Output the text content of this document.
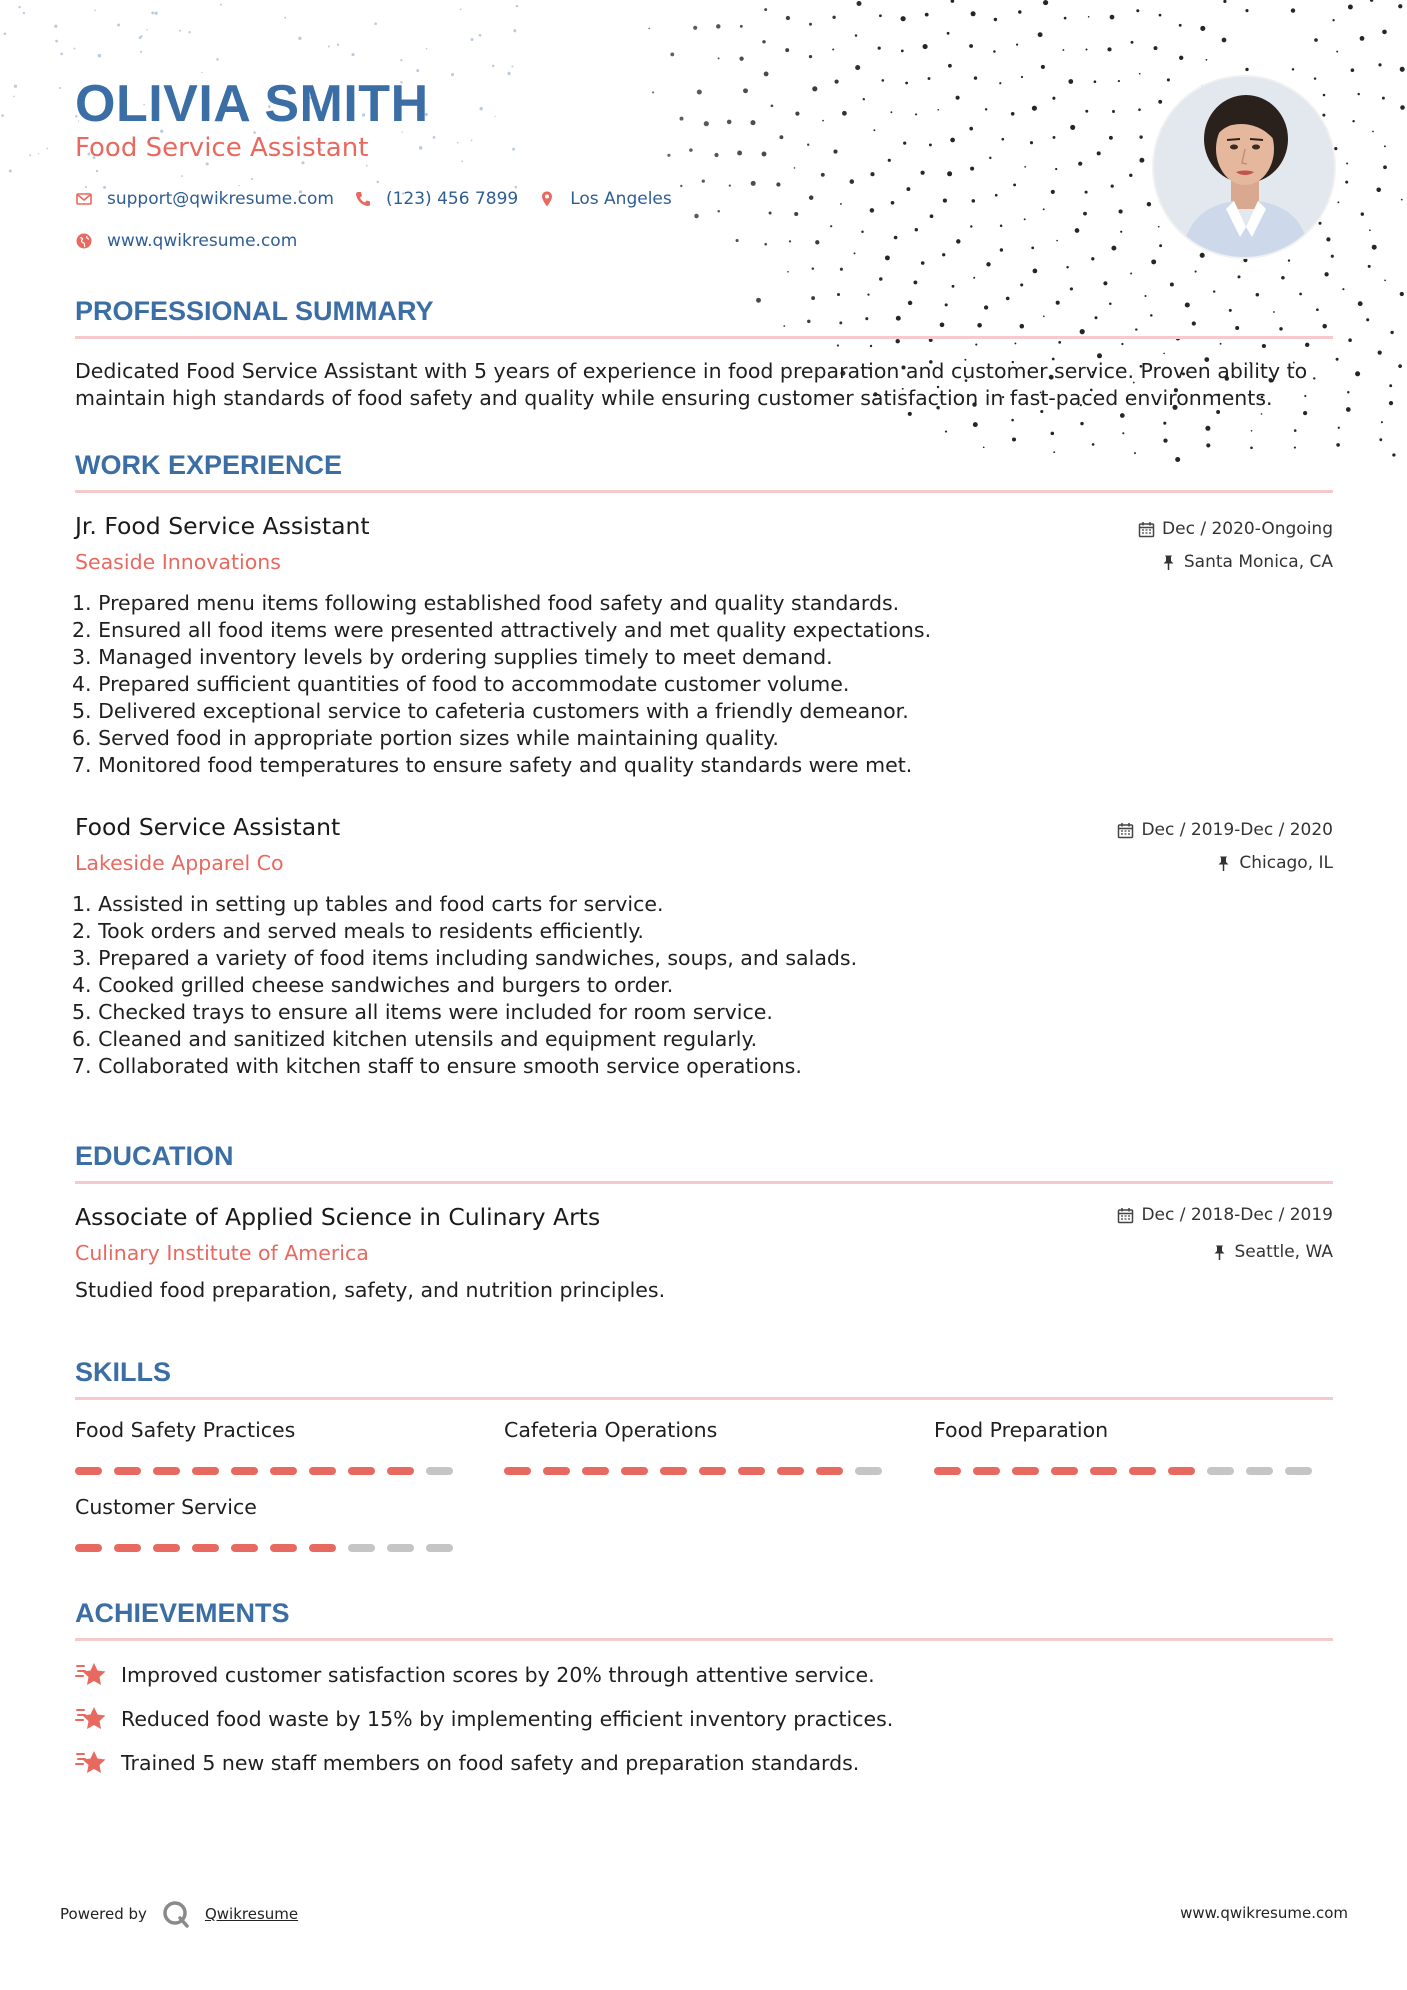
OLIVIA SMITH
Food Service Assistant
support@qwikresume.com	(123) 456 7899	Los Angeles
www.qwikresume.com
PROFESSIONAL SUMMARY
Dedicated Food Service Assistant with 5 years of experience in food preparation and customer service. Proven ability to maintain high standards of food safety and quality while ensuring customer satisfaction in fast-paced environments.
WORK EXPERIENCE
Jr. Food Service Assistant
Seaside Innovations
Dec / 2020-Ongoing
Santa Monica, CA
1. Prepared menu items following established food safety and quality standards.
2. Ensured all food items were presented attractively and met quality expectations.
3. Managed inventory levels by ordering supplies timely to meet demand.
4. Prepared sufficient quantities of food to accommodate customer volume.
5. Delivered exceptional service to cafeteria customers with a friendly demeanor.
6. Served food in appropriate portion sizes while maintaining quality.
7. Monitored food temperatures to ensure safety and quality standards were met.
Food Service Assistant
Lakeside Apparel Co
Dec / 2019-Dec / 2020
Chicago, IL
1. Assisted in setting up tables and food carts for service.
2. Took orders and served meals to residents efficiently.
3. Prepared a variety of food items including sandwiches, soups, and salads.
4. Cooked grilled cheese sandwiches and burgers to order.
5. Checked trays to ensure all items were included for room service.
6. Cleaned and sanitized kitchen utensils and equipment regularly.
7. Collaborated with kitchen staff to ensure smooth service operations.
EDUCATION
Associate of Applied Science in Culinary Arts
Culinary Institute of America
Dec / 2018-Dec / 2019
Seattle, WA
Studied food preparation, safety, and nutrition principles.
SKILLS
Food Safety Practices	Cafeteria Operations	Food Preparation
Customer Service
ACHIEVEMENTS
Improved customer satisfaction scores by 20% through attentive service.
Reduced food waste by 15% by implementing efficient inventory practices.
Trained 5 new staff members on food safety and preparation standards.
Powered by	Qwikresume	www.qwikresume.com
